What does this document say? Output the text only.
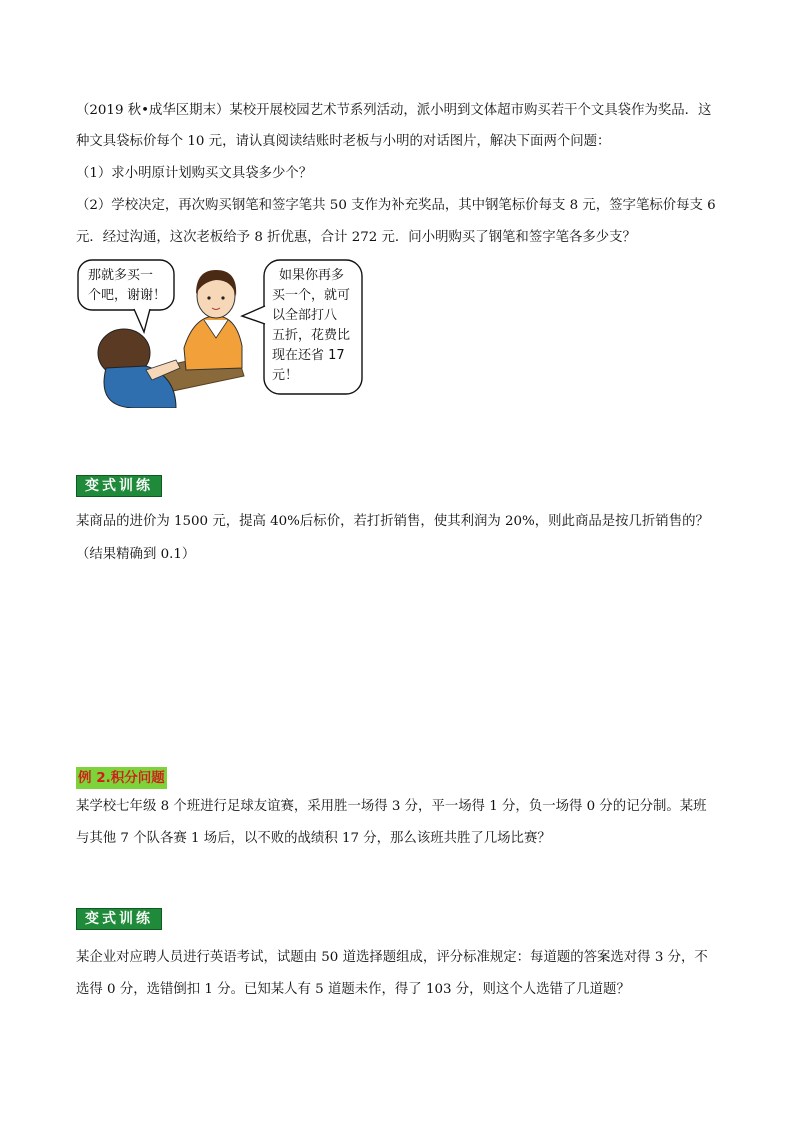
（2019 秋•成华区期末）某校开展校园艺术节系列活动，派小明到文体超市购买若干个文具袋作为奖品．这
种文具袋标价每个 10 元，请认真阅读结账时老板与小明的对话图片，解决下面两个问题：
（1）求小明原计划购买文具袋多少个？
（2）学校决定，再次购买钢笔和签字笔共 50 支作为补充奖品，其中钢笔标价每支 8 元，签字笔标价每支 6
元．经过沟通，这次老板给予 8 折优惠，合计 272 元．问小明购买了钢笔和签字笔各多少支？
那就多买一
个吧，谢谢！
如果你再多
买一个，就可
以全部打八
五折，花费比
现在还省 17
元！
变式训练
某商品的进价为 1500 元，提高 40%后标价，若打折销售，使其利润为 20%，则此商品是按几折销售的？
（结果精确到 0.1）
例 2.积分问题
某学校七年级 8 个班进行足球友谊赛，采用胜一场得 3 分，平一场得 1 分，负一场得 0 分的记分制。某班
与其他 7 个队各赛 1 场后，以不败的战绩积 17 分，那么该班共胜了几场比赛？
变式训练
某企业对应聘人员进行英语考试，试题由 50 道选择题组成，评分标准规定：每道题的答案选对得 3 分，不
选得 0 分，选错倒扣 1 分。已知某人有 5 道题未作，得了 103 分，则这个人选错了几道题？
